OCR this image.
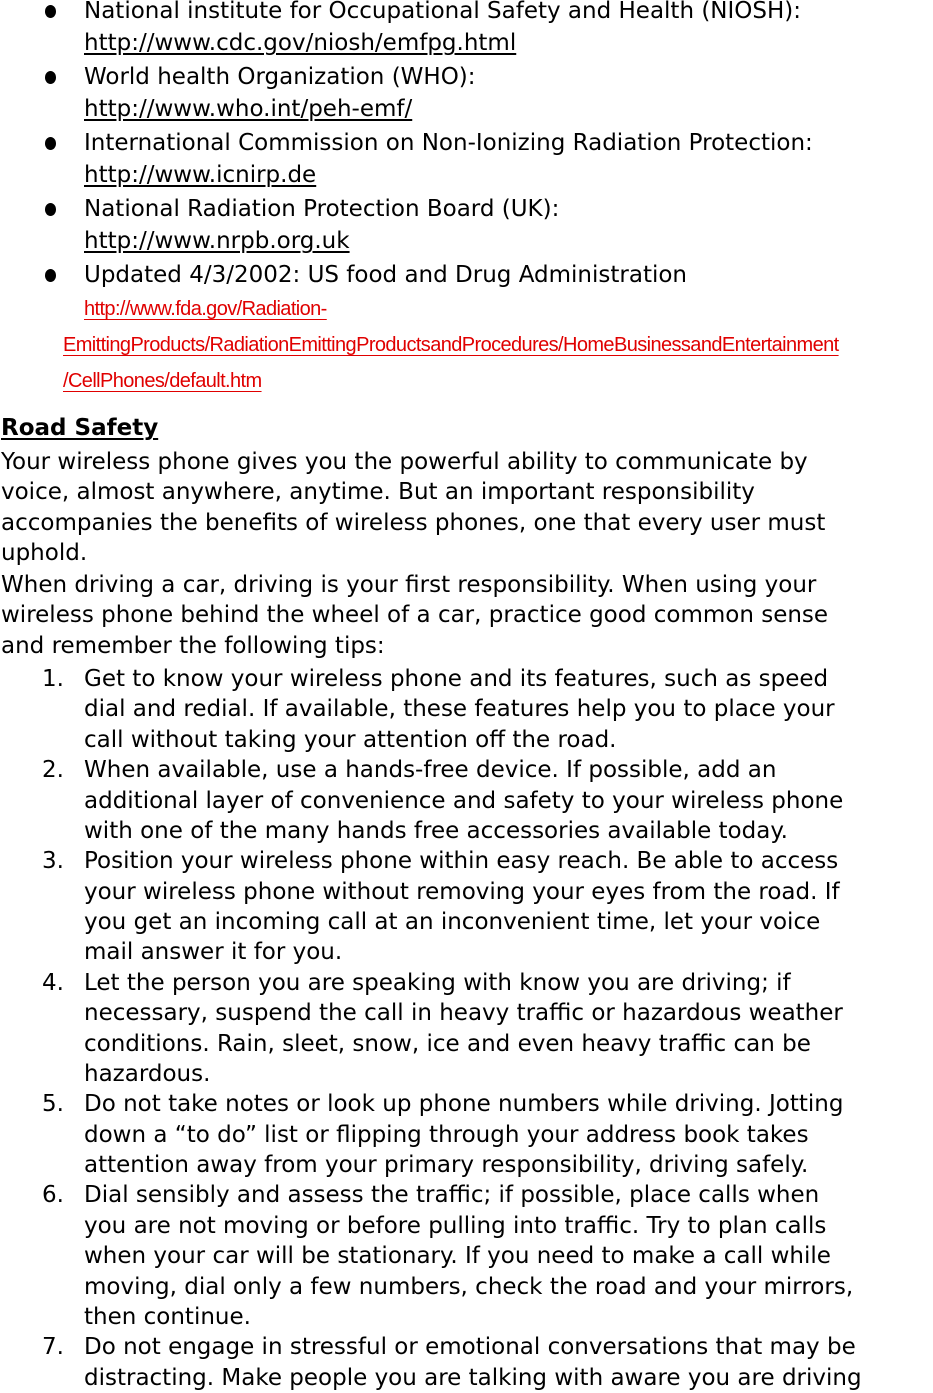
National institute for Occupational Safety and Health (NIOSH):
http://www.cdc.gov/niosh/emfpg.html
World health Organization (WHO):
http://www.who.int/peh-emf/
International Commission on Non-Ionizing Radiation Protection:
http://www.icnirp.de
National Radiation Protection Board (UK):
http://www.nrpb.org.uk
Updated 4/3/2002: US food and Drug Administration
http://www.fda.gov/Radiation-
EmittingProducts/RadiationEmittingProductsandProcedures/HomeBusinessandEntertainment
/CellPhones/default.htm
Road Safety
Your wireless phone gives you the powerful ability to communicate by
voice, almost anywhere, anytime. But an important responsibility
accompanies the benefits of wireless phones, one that every user must
uphold.
When driving a car, driving is your first responsibility. When using your
wireless phone behind the wheel of a car, practice good common sense
and remember the following tips:
1. Get to know your wireless phone and its features, such as speed
dial and redial. If available, these features help you to place your
call without taking your attention off the road.
2. When available, use a hands-free device. If possible, add an
additional layer of convenience and safety to your wireless phone
with one of the many hands free accessories available today.
3. Position your wireless phone within easy reach. Be able to access
your wireless phone without removing your eyes from the road. If
you get an incoming call at an inconvenient time, let your voice
mail answer it for you.
4. Let the person you are speaking with know you are driving; if
necessary, suspend the call in heavy traffic or hazardous weather
conditions. Rain, sleet, snow, ice and even heavy traffic can be
hazardous.
5. Do not take notes or look up phone numbers while driving. Jotting
down a “to do” list or flipping through your address book takes
attention away from your primary responsibility, driving safely.
6. Dial sensibly and assess the traffic; if possible, place calls when
you are not moving or before pulling into traffic. Try to plan calls
when your car will be stationary. If you need to make a call while
moving, dial only a few numbers, check the road and your mirrors,
then continue.
7. Do not engage in stressful or emotional conversations that may be
distracting. Make people you are talking with aware you are driving
